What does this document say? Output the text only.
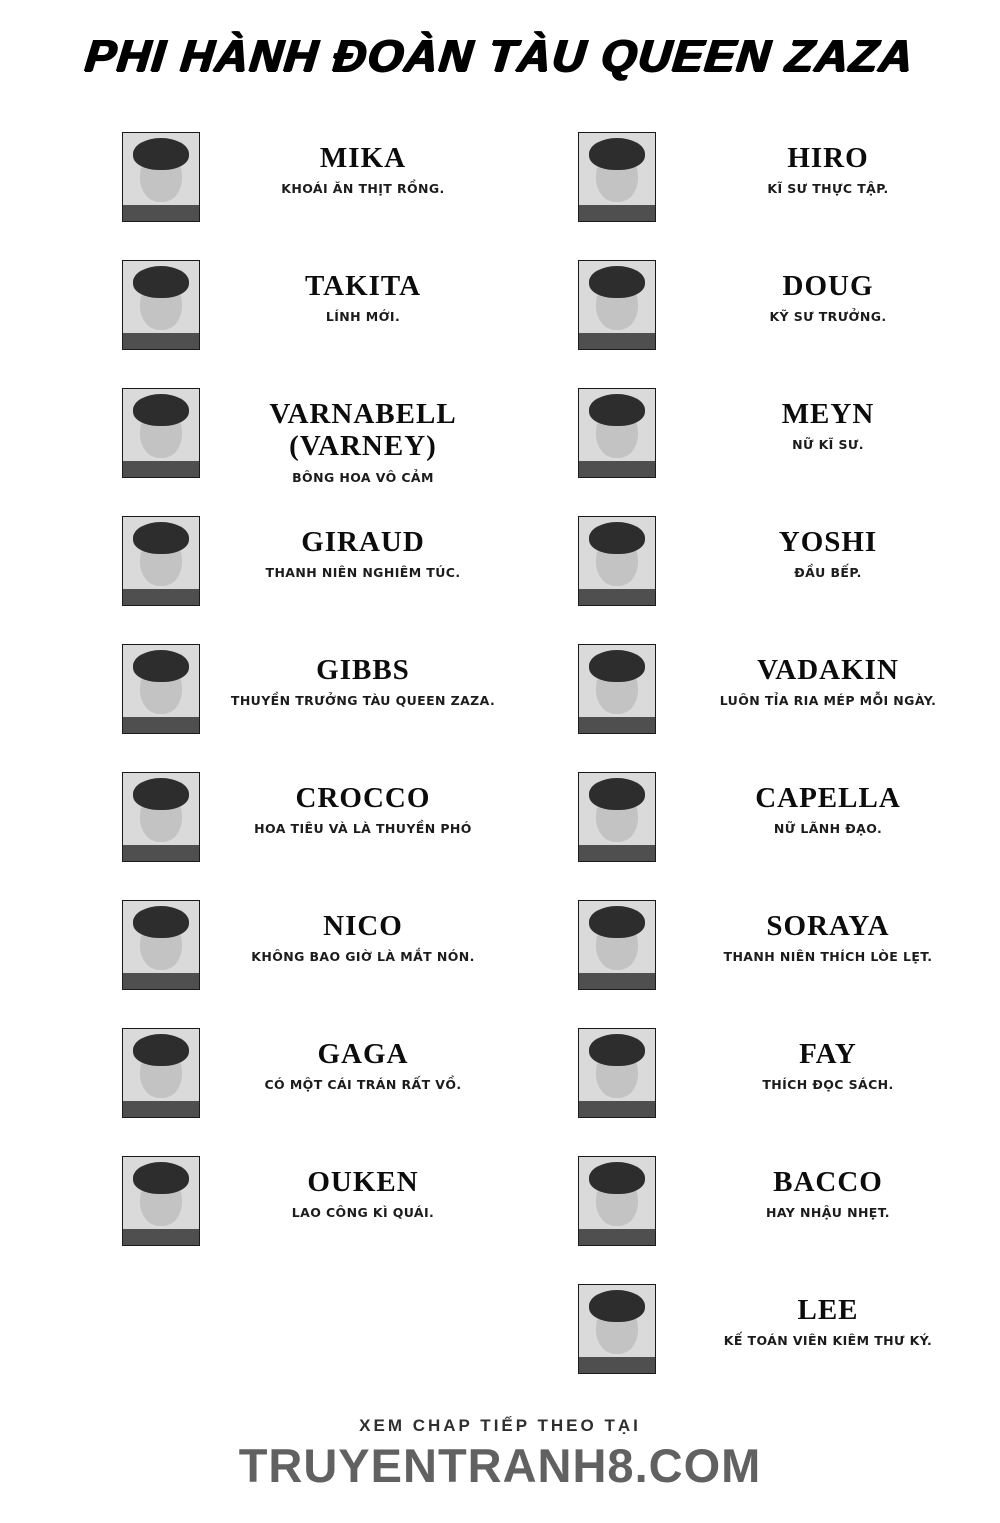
PHI HÀNH ĐOÀN TÀU QUEEN ZAZA
MIKA
KHOÁI ĂN THỊT RỒNG.
TAKITA
LÍNH MỚI.
VARNABELL
(VARNEY)
BÔNG HOA VÔ CẢM
GIRAUD
THANH NIÊN NGHIÊM TÚC.
GIBBS
THUYỀN TRƯỞNG TÀU QUEEN ZAZA.
CROCCO
HOA TIÊU VÀ LÀ THUYỀN PHÓ
NICO
KHÔNG BAO GIỜ LÀ MẮT NÓN.
GAGA
CÓ MỘT CÁI TRÁN RẤT VỒ.
OUKEN
LAO CÔNG KÌ QUÁI.
HIRO
KĨ SƯ THỰC TẬP.
DOUG
KỸ SƯ TRƯỞNG.
MEYN
NỮ KĨ SƯ.
YOSHI
ĐẦU BẾP.
VADAKIN
LUÔN TỈA RIA MÉP MỖI NGÀY.
CAPELLA
NỮ LÃNH ĐẠO.
SORAYA
THANH NIÊN THÍCH LÒE LẸT.
FAY
THÍCH ĐỌC SÁCH.
BACCO
HAY NHẬU NHẸT.
LEE
KẾ TOÁN VIÊN KIÊM THƯ KÝ.
XEM CHAP TIẾP THEO TẠI
TRUYENTRANH8.COM
